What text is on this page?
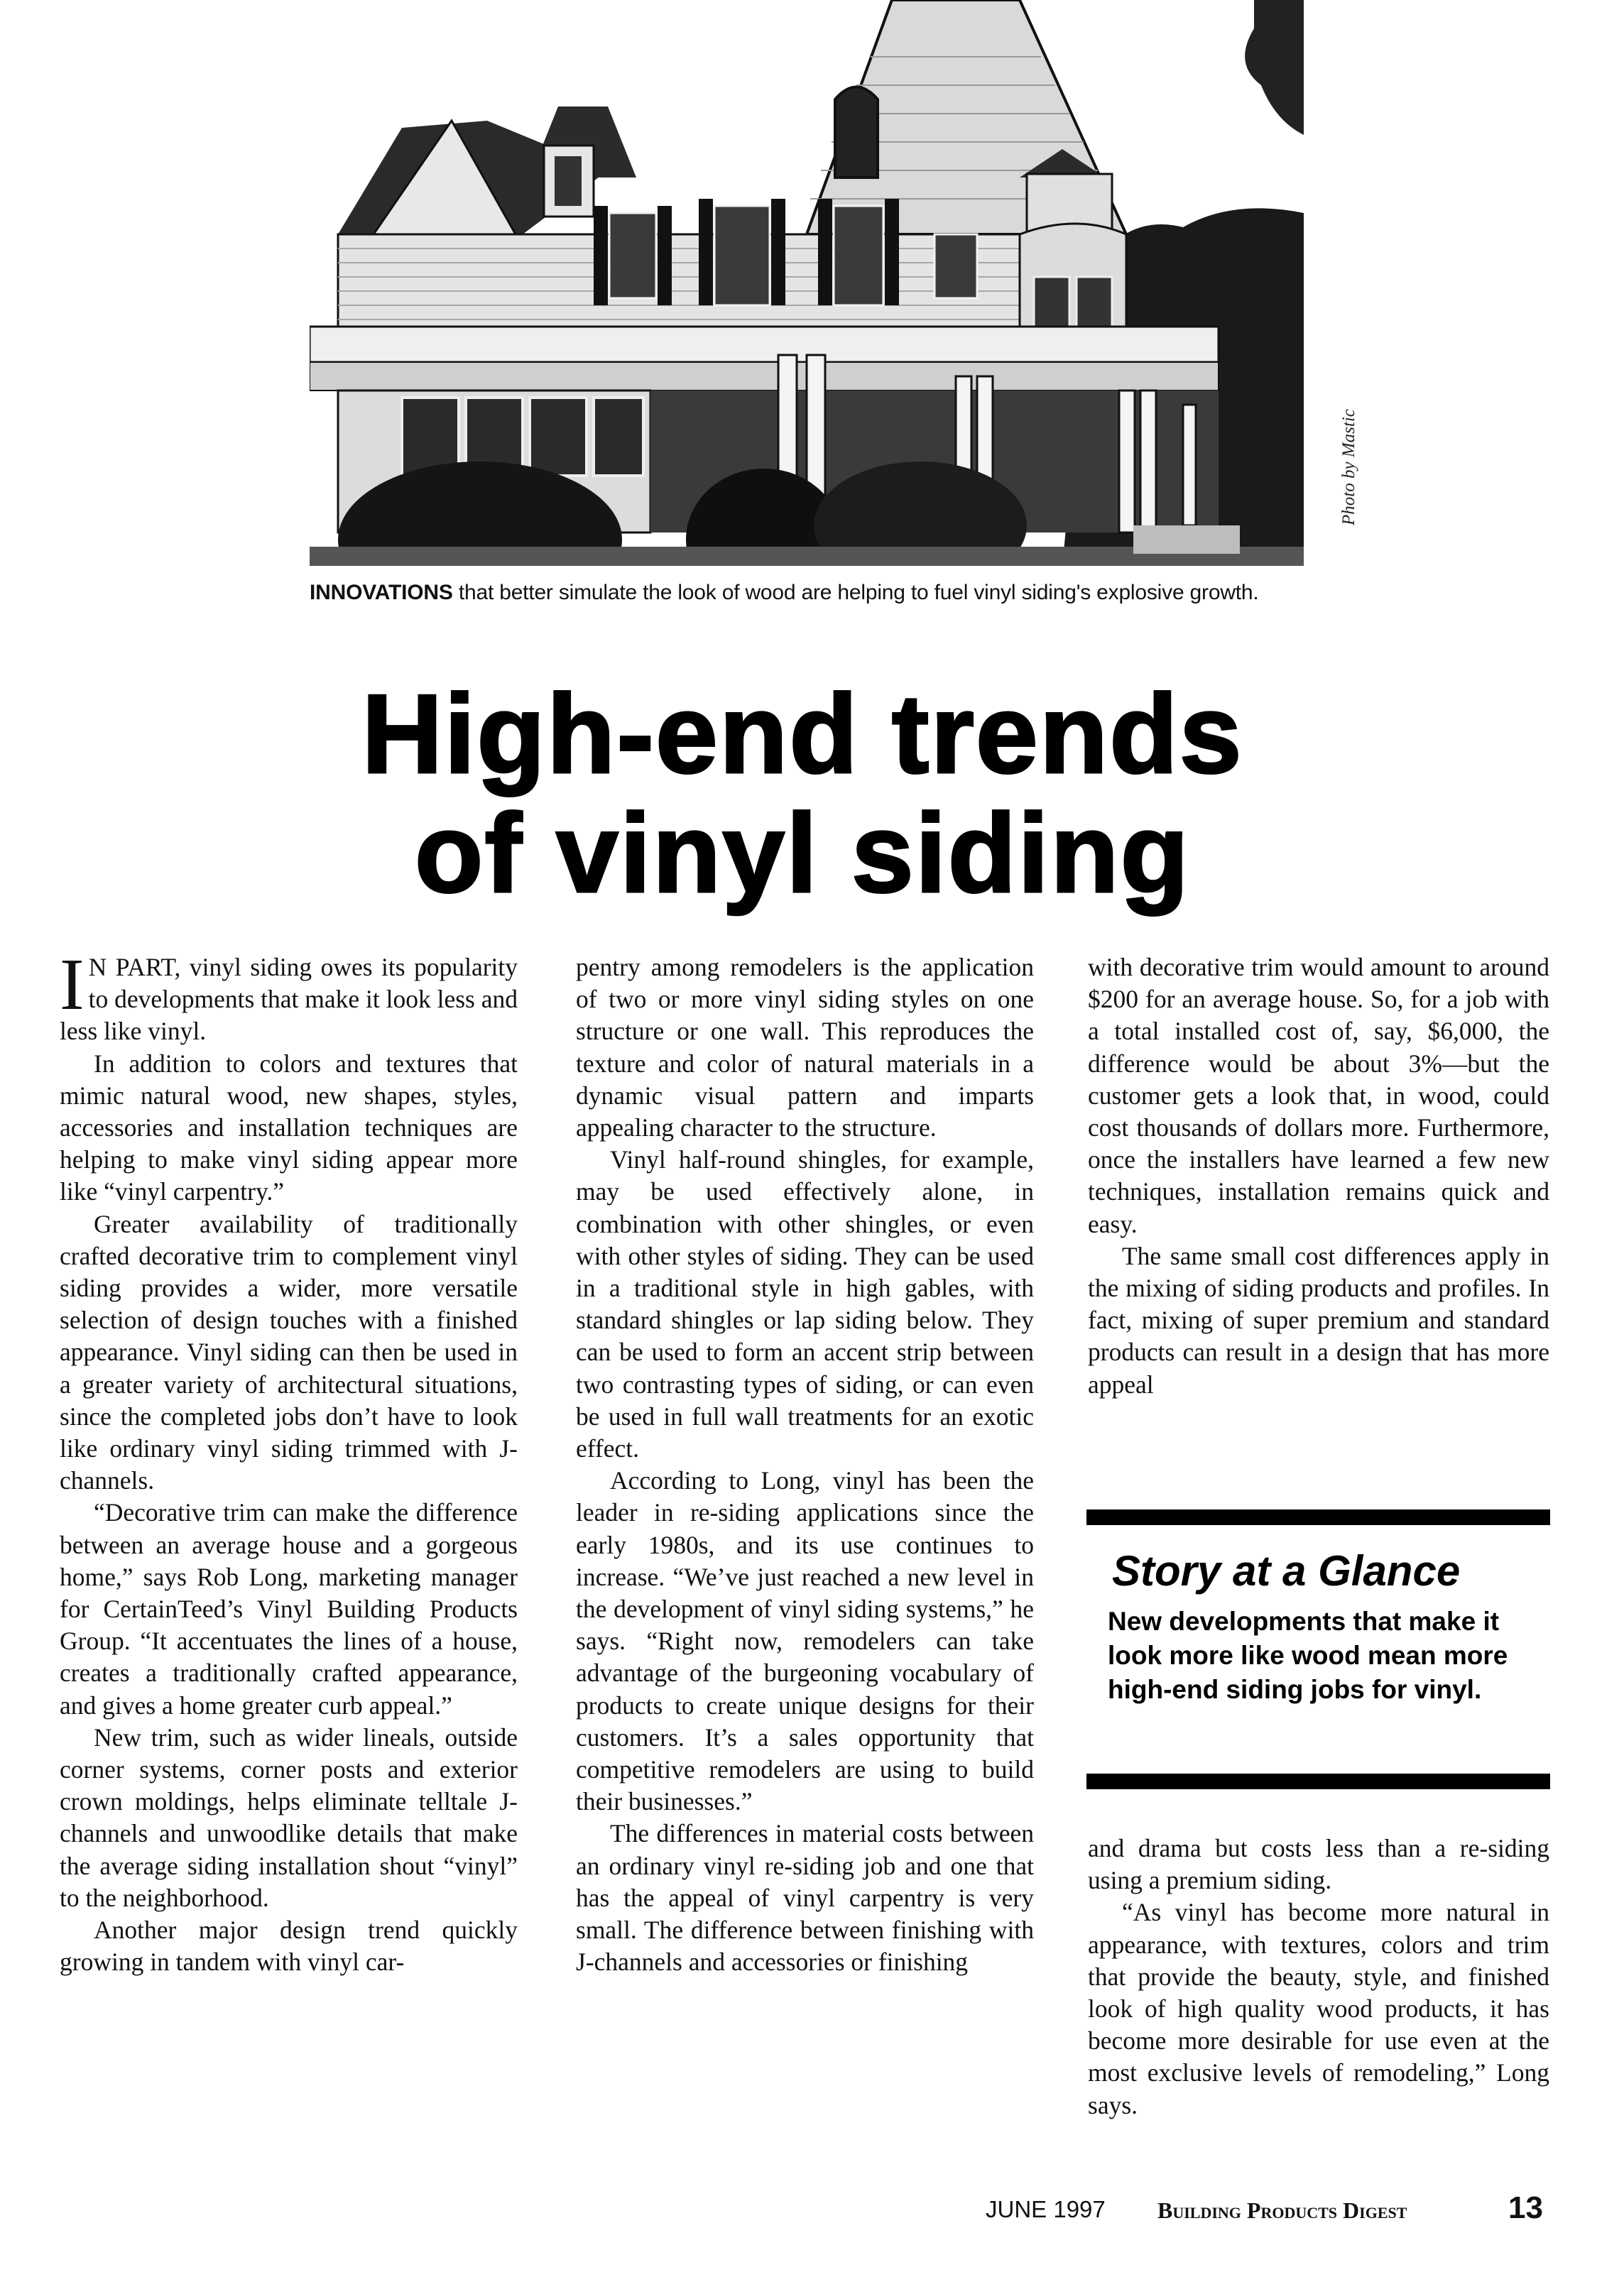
Photo by Mastic
INNOVATIONS that better simulate the look of wood are helping to fuel vinyl siding's explosive growth.
High-end trends
of vinyl siding

I N PART, vinyl siding owes its popularity to developments that make it look less and less like vinyl.

In addition to colors and textures that mimic natural wood, new shapes, styles, accessories and installation techniques are helping to make vinyl siding appear more like “vinyl carpentry.”

Greater availability of traditionally crafted decorative trim to complement vinyl siding provides a wider, more versatile selection of design touches with a finished appearance. Vinyl siding can then be used in a greater variety of architectural situations, since the completed jobs don’t have to look like ordinary vinyl siding trimmed with J-channels.

“Decorative trim can make the difference between an average house and a gorgeous home,” says Rob Long, marketing manager for CertainTeed’s Vinyl Building Products Group. “It accentuates the lines of a house, creates a traditionally crafted appearance, and gives a home greater curb appeal.”

New trim, such as wider lineals, outside corner systems, corner posts and exterior crown moldings, helps eliminate telltale J-channels and unwoodlike details that make the average siding installation shout “vinyl” to the neighborhood.

Another major design trend quickly growing in tandem with vinyl car-

pentry among remodelers is the application of two or more vinyl siding styles on one structure or one wall. This reproduces the texture and color of natural materials in a dynamic visual pattern and imparts appealing character to the structure.

Vinyl half-round shingles, for example, may be used effectively alone, in combination with other shingles, or even with other styles of siding. They can be used in a traditional style in high gables, with standard shingles or lap siding below. They can be used to form an accent strip between two contrasting types of siding, or can even be used in full wall treatments for an exotic effect.

According to Long, vinyl has been the leader in re-siding applications since the early 1980s, and its use continues to increase. “We’ve just reached a new level in the development of vinyl siding systems,” he says. “Right now, remodelers can take advantage of the burgeoning vocabulary of products to create unique designs for their customers. It’s a sales opportunity that competitive remodelers are using to build their businesses.”

The differences in material costs between an ordinary vinyl re-siding job and one that has the appeal of vinyl carpentry is very small. The difference between finishing with J-channels and accessories or finishing

with decorative trim would amount to around $200 for an average house. So, for a job with a total installed cost of, say, $6,000, the difference would be about 3%—but the customer gets a look that, in wood, could cost thousands of dollars more. Furthermore, once the installers have learned a few new techniques, installation remains quick and easy.

The same small cost differences apply in the mixing of siding products and profiles. In fact, mixing of super premium and standard products can result in a design that has more appeal

Story at a Glance
New developments that make it look more like wood mean more high-end siding jobs for vinyl.

and drama but costs less than a re-siding using a premium siding.

“As vinyl has become more natural in appearance, with textures, colors and trim that provide the beauty, style, and finished look of high quality wood products, it has become more desirable for use even at the most exclusive levels of remodeling,” Long says.

JUNE 1997 Building Products Digest	13
